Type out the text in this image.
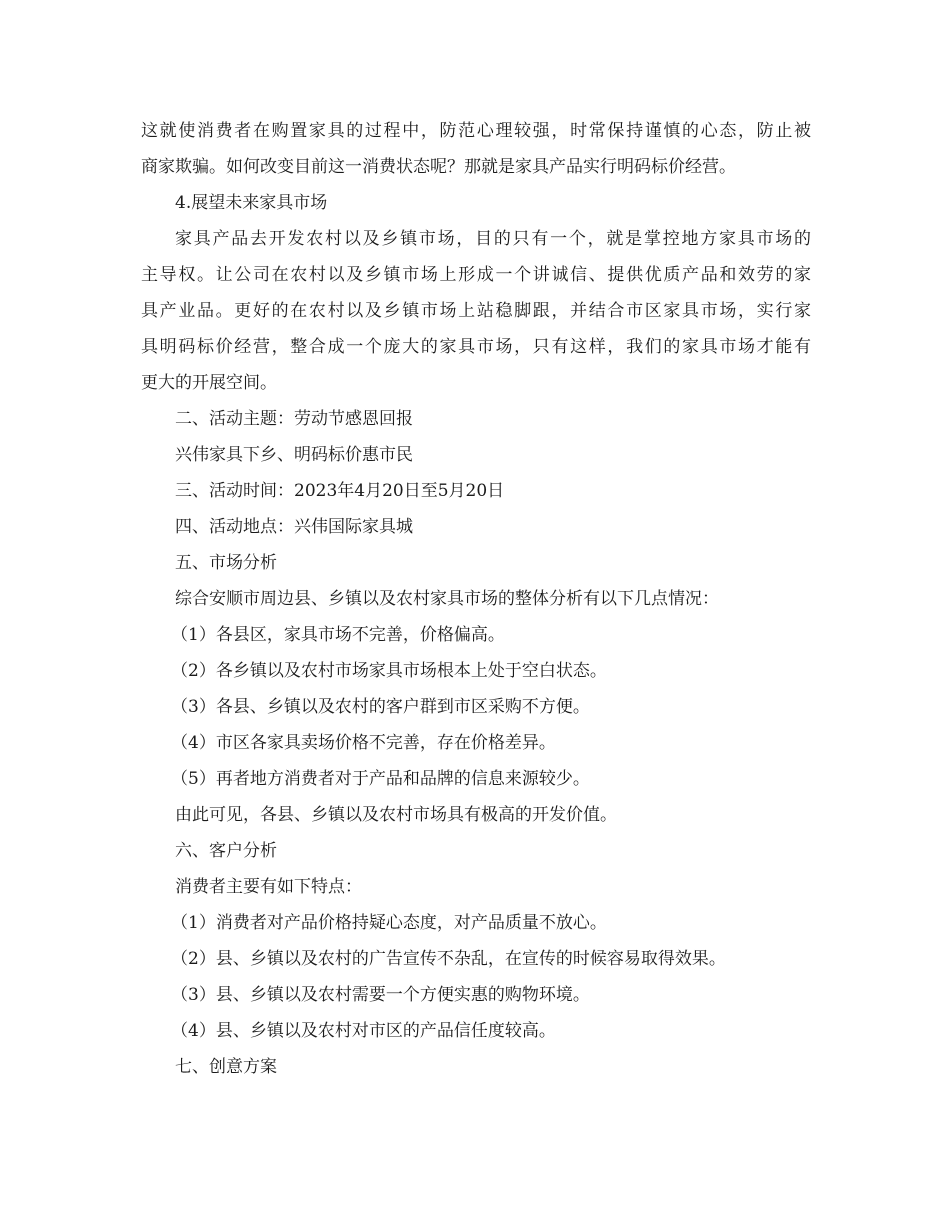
这就使消费者在购置家具的过程中，防范心理较强，时常保持谨慎的心态，防止被
商家欺骗。如何改变目前这一消费状态呢？那就是家具产品实行明码标价经营。
4.展望未来家具市场
家具产品去开发农村以及乡镇市场，目的只有一个，就是掌控地方家具市场的
主导权。让公司在农村以及乡镇市场上形成一个讲诚信、提供优质产品和效劳的家
具产业品。更好的在农村以及乡镇市场上站稳脚跟，并结合市区家具市场，实行家
具明码标价经营，整合成一个庞大的家具市场，只有这样，我们的家具市场才能有
更大的开展空间。
二、活动主题：劳动节感恩回报
兴伟家具下乡、明码标价惠市民
三、活动时间：2023年4月20日至5月20日
四、活动地点：兴伟国际家具城
五、市场分析
综合安顺市周边县、乡镇以及农村家具市场的整体分析有以下几点情况：
（1）各县区，家具市场不完善，价格偏高。
（2）各乡镇以及农村市场家具市场根本上处于空白状态。
（3）各县、乡镇以及农村的客户群到市区采购不方便。
（4）市区各家具卖场价格不完善，存在价格差异。
（5）再者地方消费者对于产品和品牌的信息来源较少。
由此可见，各县、乡镇以及农村市场具有极高的开发价值。
六、客户分析
消费者主要有如下特点：
（1）消费者对产品价格持疑心态度，对产品质量不放心。
（2）县、乡镇以及农村的广告宣传不杂乱，在宣传的时候容易取得效果。
（3）县、乡镇以及农村需要一个方便实惠的购物环境。
（4）县、乡镇以及农村对市区的产品信任度较高。
七、创意方案
